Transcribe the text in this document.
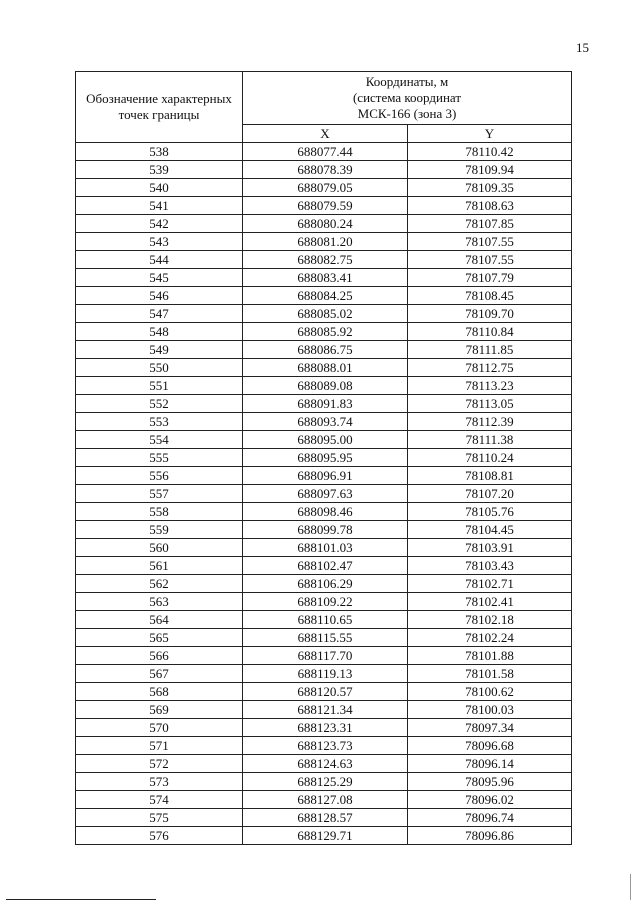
15
Обозначение характерных точек границы	Координаты, м
(система координат
МСК-166 (зона 3)	

	X	Y
538	688077.44	78110.42
539	688078.39	78109.94
540	688079.05	78109.35
541	688079.59	78108.63
542	688080.24	78107.85
543	688081.20	78107.55
544	688082.75	78107.55
545	688083.41	78107.79
546	688084.25	78108.45
547	688085.02	78109.70
548	688085.92	78110.84
549	688086.75	78111.85
550	688088.01	78112.75
551	688089.08	78113.23
552	688091.83	78113.05
553	688093.74	78112.39
554	688095.00	78111.38
555	688095.95	78110.24
556	688096.91	78108.81
557	688097.63	78107.20
558	688098.46	78105.76
559	688099.78	78104.45
560	688101.03	78103.91
561	688102.47	78103.43
562	688106.29	78102.71
563	688109.22	78102.41
564	688110.65	78102.18
565	688115.55	78102.24
566	688117.70	78101.88
567	688119.13	78101.58
568	688120.57	78100.62
569	688121.34	78100.03
570	688123.31	78097.34
571	688123.73	78096.68
572	688124.63	78096.14
573	688125.29	78095.96
574	688127.08	78096.02
575	688128.57	78096.74
576	688129.71	78096.86
